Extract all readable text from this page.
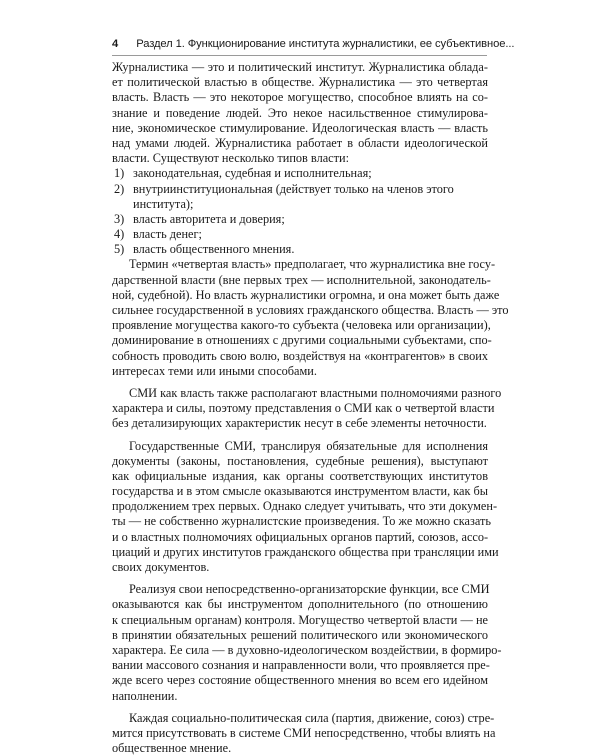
4 Раздел 1. Функционирование института журналистики, ее субъективное...
Журналистика — это и политический институт. Журналистика облада-
ет политической властью в обществе. Журналистика — это четвертая
власть. Власть — это некоторое могущество, способное влиять на со-
знание и поведение людей. Это некое насильственное стимулирова-
ние, экономическое стимулирование. Идеологическая власть — власть
над умами людей. Журналистика работает в области идеологической
власти. Существуют несколько типов власти:
1) законодательная, судебная и исполнительная;
2) внутриинституциональная (действует только на членов этого
института);
3) власть авторитета и доверия;
4) власть денег;
5) власть общественного мнения.
Термин «четвертая власть» предполагает, что журналистика вне госу-
дарственной власти (вне первых трех — исполнительной, законодатель-
ной, судебной). Но власть журналистики огромна, и она может быть даже
сильнее государственной в условиях гражданского общества. Власть — это
проявление могущества какого-то субъекта (человека или организации),
доминирование в отношениях с другими социальными субъектами, спо-
собность проводить свою волю, воздействуя на «контрагентов» в своих
интересах теми или иными способами.
СМИ как власть также располагают властными полномочиями разного
характера и силы, поэтому представления о СМИ как о четвертой власти
без детализирующих характеристик несут в себе элементы неточности.
Государственные СМИ, транслируя обязательные для исполнения
документы (законы, постановления, судебные решения), выступают
как официальные издания, как органы соответствующих институтов
государства и в этом смысле оказываются инструментом власти, как бы
продолжением трех первых. Однако следует учитывать, что эти докумен-
ты — не собственно журналистские произведения. То же можно сказать
и о властных полномочиях официальных органов партий, союзов, ассо-
циаций и других институтов гражданского общества при трансляции ими
своих документов.
Реализуя свои непосредственно-организаторские функции, все СМИ
оказываются как бы инструментом дополнительного (по отношению
к специальным органам) контроля. Могущество четвертой власти — не
в принятии обязательных решений политического или экономического
характера. Ее сила — в духовно-идеологическом воздействии, в формиро-
вании массового сознания и направленности воли, что проявляется пре-
жде всего через состояние общественного мнения во всем его идейном
наполнении.
Каждая социально-политическая сила (партия, движение, союз) стре-
мится присутствовать в системе СМИ непосредственно, чтобы влиять на
общественное мнение.
